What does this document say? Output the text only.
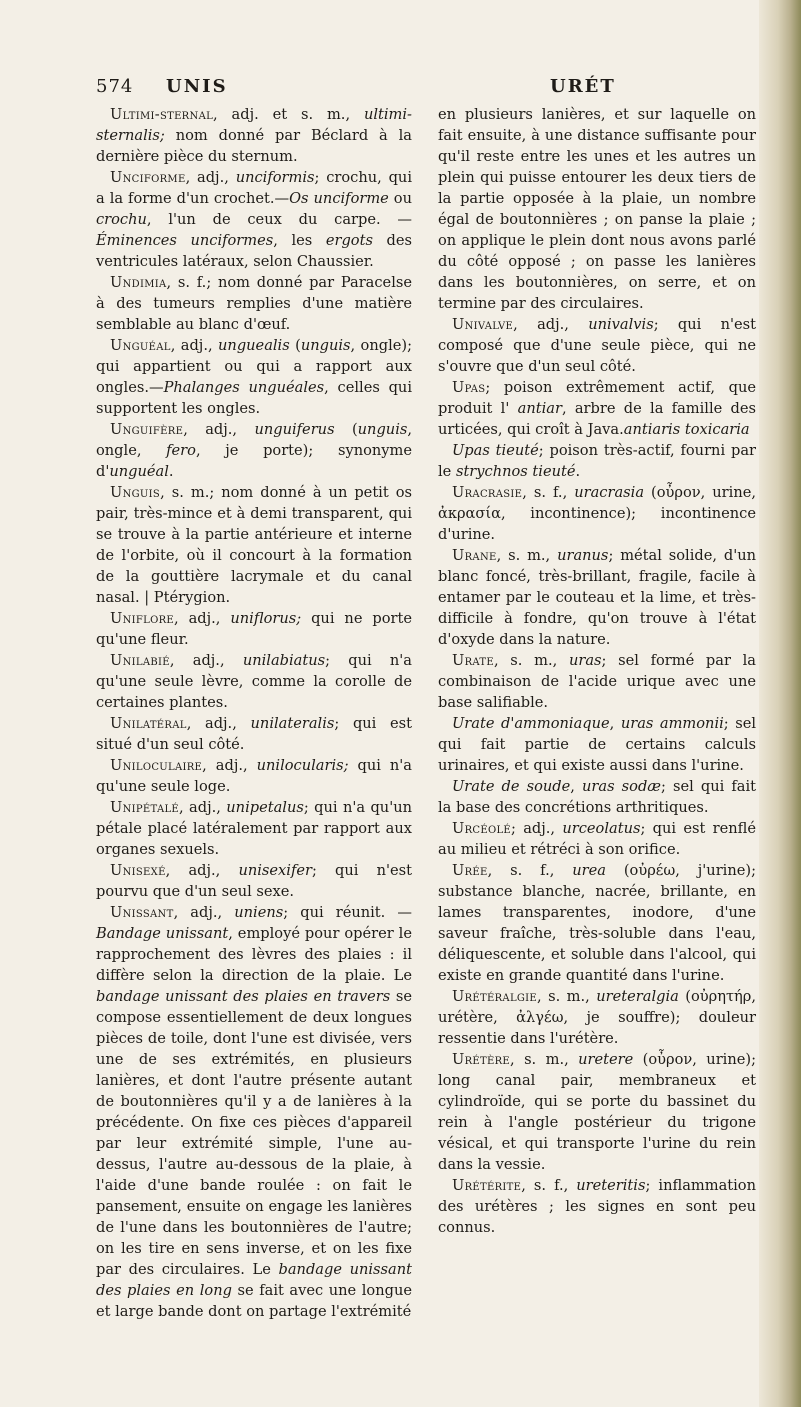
574 UNIS	URÉT

Ultimi-sternal, adj. et s. m., ultimi-sternalis; nom donné par Béclard à la dernière pièce du sternum.

Unciforme, adj., unciformis; crochu, qui a la forme d'un crochet.—Os unciforme ou crochu, l'un de ceux du carpe. —Éminences unciformes, les ergots des ventricules latéraux, selon Chaussier.

Undimia, s. f.; nom donné par Paracelse à des tumeurs remplies d'une matière semblable au blanc d'œuf.

Unguéal, adj., unguealis (unguis, ongle); qui appartient ou qui a rapport aux ongles.—Phalanges unguéales, celles qui supportent les ongles.

Unguifère, adj., unguiferus (unguis, ongle, fero, je porte); synonyme d'unguéal.

Unguis, s. m.; nom donné à un petit os pair, très-mince et à demi transparent, qui se trouve à la partie antérieure et interne de l'orbite, où il concourt à la formation de la gouttière lacrymale et du canal nasal. | Ptérygion.

Uniflore, adj., uniflorus; qui ne porte qu'une fleur.

Unilabié, adj., unilabiatus; qui n'a qu'une seule lèvre, comme la corolle de certaines plantes.

Unilatéral, adj., unilateralis; qui est situé d'un seul côté.

Uniloculaire, adj., unilocularis; qui n'a qu'une seule loge.

Unipétalé, adj., unipetalus; qui n'a qu'un pétale placé latéralement par rapport aux organes sexuels.

Unisexé, adj., unisexifer; qui n'est pourvu que d'un seul sexe.

Unissant, adj., uniens; qui réunit. —Bandage unissant, employé pour opérer le rapprochement des lèvres des plaies : il diffère selon la direction de la plaie. Le bandage unissant des plaies en travers se compose essentiellement de deux longues pièces de toile, dont l'une est divisée, vers une de ses extrémités, en plusieurs lanières, et dont l'autre présente autant de boutonnières qu'il y a de lanières à la précédente. On fixe ces pièces d'appareil par leur extrémité simple, l'une au-dessus, l'autre au-dessous de la plaie, à l'aide d'une bande roulée : on fait le pansement, ensuite on engage les lanières de l'une dans les boutonnières de l'autre; on les tire en sens inverse, et on les fixe par des circulaires. Le bandage unissant des plaies en long se fait avec une longue et large bande dont on partage l'extrémité

en plusieurs lanières, et sur laquelle on fait ensuite, à une distance suffisante pour qu'il reste entre les unes et les autres un plein qui puisse entourer les deux tiers de la partie opposée à la plaie, un nombre égal de boutonnières ; on panse la plaie ; on applique le plein dont nous avons parlé du côté opposé ; on passe les lanières dans les boutonnières, on serre, et on termine par des circulaires.

Univalve, adj., univalvis; qui n'est composé que d'une seule pièce, qui ne s'ouvre que d'un seul côté.

Upas; poison extrêmement actif, que produit l' antiar, arbre de la famille des urticées, qui croît à Java.antiaris toxicaria

Upas tieuté; poison très-actif, fourni par le strychnos tieuté.

Uracrasie, s. f., uracrasia (οὖρον, urine, ἀκρασία, incontinence); incontinence d'urine.

Urane, s. m., uranus; métal solide, d'un blanc foncé, très-brillant, fragile, facile à entamer par le couteau et la lime, et très-difficile à fondre, qu'on trouve à l'état d'oxyde dans la nature.

Urate, s. m., uras; sel formé par la combinaison de l'acide urique avec une base salifiable.

Urate d'ammoniaque, uras ammonii; sel qui fait partie de certains calculs urinaires, et qui existe aussi dans l'urine.

Urate de soude, uras sodæ; sel qui fait la base des concrétions arthritiques.

Urcéolé; adj., urceolatus; qui est renflé au milieu et rétréci à son orifice.

Urée, s. f., urea (οὐρέω, j'urine); substance blanche, nacrée, brillante, en lames transparentes, inodore, d'une saveur fraîche, très-soluble dans l'eau, déliquescente, et soluble dans l'alcool, qui existe en grande quantité dans l'urine.

Urétéralgie, s. m., ureteralgia (οὐρητήρ, urétère, ἀλγέω, je souffre); douleur ressentie dans l'urétère.

Urétère, s. m., uretere (οὖρον, urine); long canal pair, membraneux et cylindroïde, qui se porte du bassinet du rein à l'angle postérieur du trigone vésical, et qui transporte l'urine du rein dans la vessie.

Urétérite, s. f., ureteritis; inflammation des urétères ; les signes en sont peu connus.
